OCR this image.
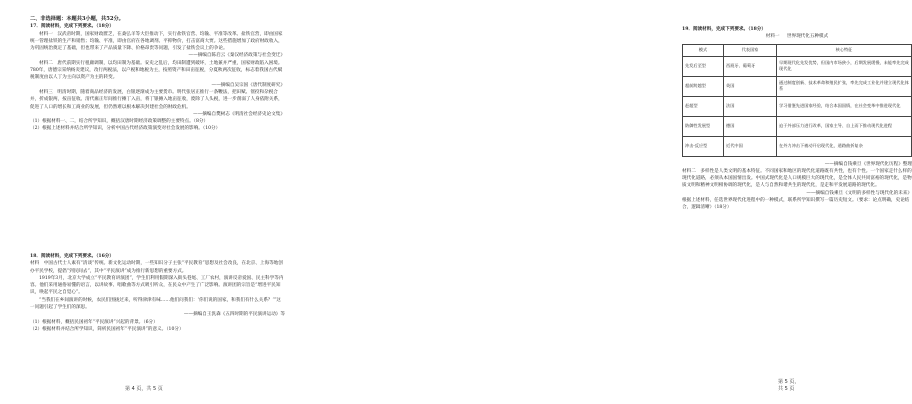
二、非选择题：本题共3小题，共52分。
17．阅读材料，完成下列要求。（18分）

材料一　汉武帝时期，国家财政匮乏，在桑弘羊等大臣推动下，实行盐铁官营、均输、平准等改革。盐铁官营，即由国家统一管理盐铁的生产和销售；均输、平准，即由官府在各地调剂、平抑物价，打击富商大贾。这些措施增加了政府财政收入，为巩固统治奠定了基础，但也带来了产品质量下降、价格昂贵等问题，引发了盐铁会议上的争论。

——摘编自陈启云《秦汉经济政策与社会变迁》

材料二　唐代前期实行租庸调制，以均田制为基础。安史之乱后，均田制遭到破坏，土地兼并严重，国家财政陷入困境。780年，唐德宗采纳杨炎建议，改行两税法，以户税和地税为主，按照资产和田亩征税，分夏秋两次征收，标志着我国古代赋税制度由以人丁为主向以资产为主的转变。

——摘编自吴宗国《唐代制度研究》

材料三　明清时期，随着商品经济的发展，白银逐渐成为主要货币。明代张居正推行一条鞭法，把田赋、徭役和杂税合并，折成银两，按亩征收。清代雍正年间推行摊丁入亩，将丁银摊入地亩征收，废除了人头税，进一步削弱了人身依附关系，促进了人口的增长和工商业的发展，但仍然难以根本解决封建社会的财政危机。

——摘编自樊树志《明清社会经济史论文集》

（1）根据材料一、二，结合所学知识，概括汉唐时期经济政策调整的主要特点。（8分）

（2）根据上述材料并结合所学知识，分析中国古代经济政策演变对社会发展的影响。（10分）

18．阅读材料，完成下列要求。（16分）

材料　中国古代士人素有“清谈”传统。新文化运动时期，一些知识分子主张“平民教育”思想及社会改良，在北京、上海等地创办平民学校，提倡“到民间去”，其中“平民演讲”成为推行新思想的重要方式。

1919年3月，北京大学成立“平民教育讲演团”，学生们利用假期深入街头巷尾、工厂农村，演讲反帝爱国、民主科学等内容。他们采用通俗易懂的语言，以讲故事、唱歌曲等方式吸引听众，在民众中产生了广泛影响。演讲团的宗旨是“增进平民知识，唤起平民之自觉心”。

“当我们在乡间演讲的时候，农民们围拢过来，听得津津有味……他们问我们：‘你们说的国家，和我们有什么关系？’”这一问题引起了学生们的深思。

——摘编自王汎森《五四时期的平民演讲运动》等

（1）根据材料，概括民国初年“平民演讲”兴起的背景。（6分）

（2）根据材料并结合所学知识，简析民国初年“平民演讲”的意义。（10分）

第 4 页，共 5 页
19．阅读材料，完成下列要求。（18分）

材料一 世界现代化五种模式

模式	代表国家	核心特征
先发后至型	西班牙、葡萄牙	早期现代化先发优势，但国内市场狭小，后期发展缓慢，未能率先完成现代化
超前跨越型	英国	通过制度创新、技术革命和殖民扩张，率先完成工业化并建立现代化体系
赶超型	法国	学习借鉴先进国家经验，结合本国国情，在社会变革中推进现代化
防御性发展型	德国	迫于外部压力进行改革，国家主导、自上而下推动现代化进程
冲击-反应型	近代中国	在外力冲击下被动开启现代化，道路曲折复杂

——摘编自钱乘旦《世界现代化历程》整理

材料二　多样性是人类文明的基本特征。不同国家和地区的现代化道路既有共性，也有个性。一个国家走什么样的现代化道路，必须从本国国情出发。中国式现代化是人口规模巨大的现代化，是全体人民共同富裕的现代化，是物质文明和精神文明相协调的现代化，是人与自然和谐共生的现代化，是走和平发展道路的现代化。

——摘编自钱乘旦《文明的多样性与现代化的未来》

根据上述材料，任选世界现代化进程中的一种模式，联系所学知识撰写一篇历史短文。（要求：论点明确，史论结合，逻辑清晰）（18分）

第 5 页，共 5 页
